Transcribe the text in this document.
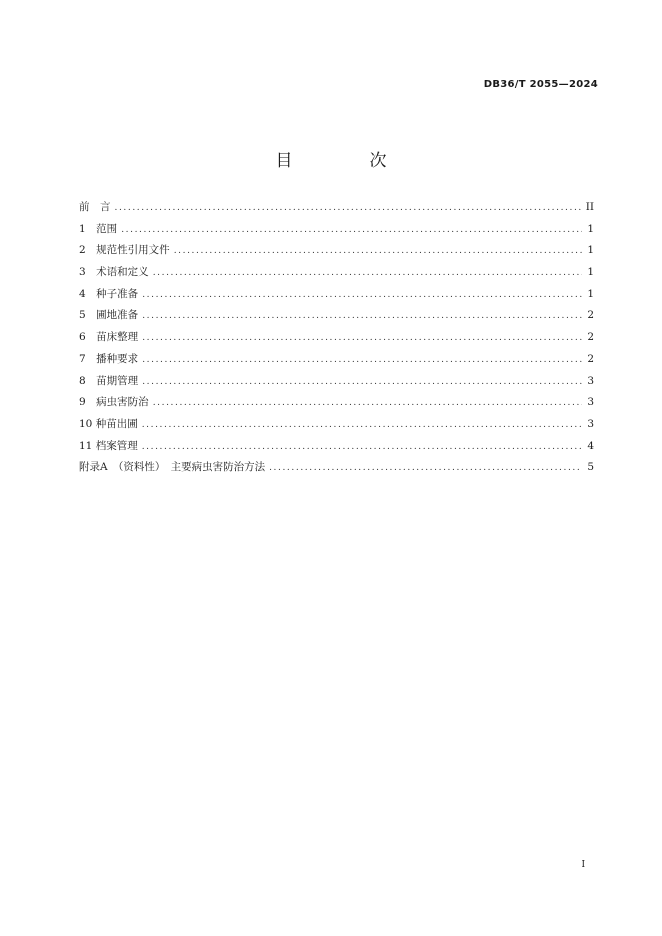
DB36/T 2055—2024
目　次
前　言 .....	II
1　范围 .....	1
2　规范性引用文件 .....	1
3　术语和定义 .....	1
4　种子准备 .....	1
5　圃地准备 .....	2
6　苗床整理 .....	2
7　播种要求 .....	2
8　苗期管理 .....	3
9　病虫害防治 .....	3
10 种苗出圃 .....	3
11 档案管理 .....	4
附录A　（资料性）　主要病虫害防治方法 .....	5
I
